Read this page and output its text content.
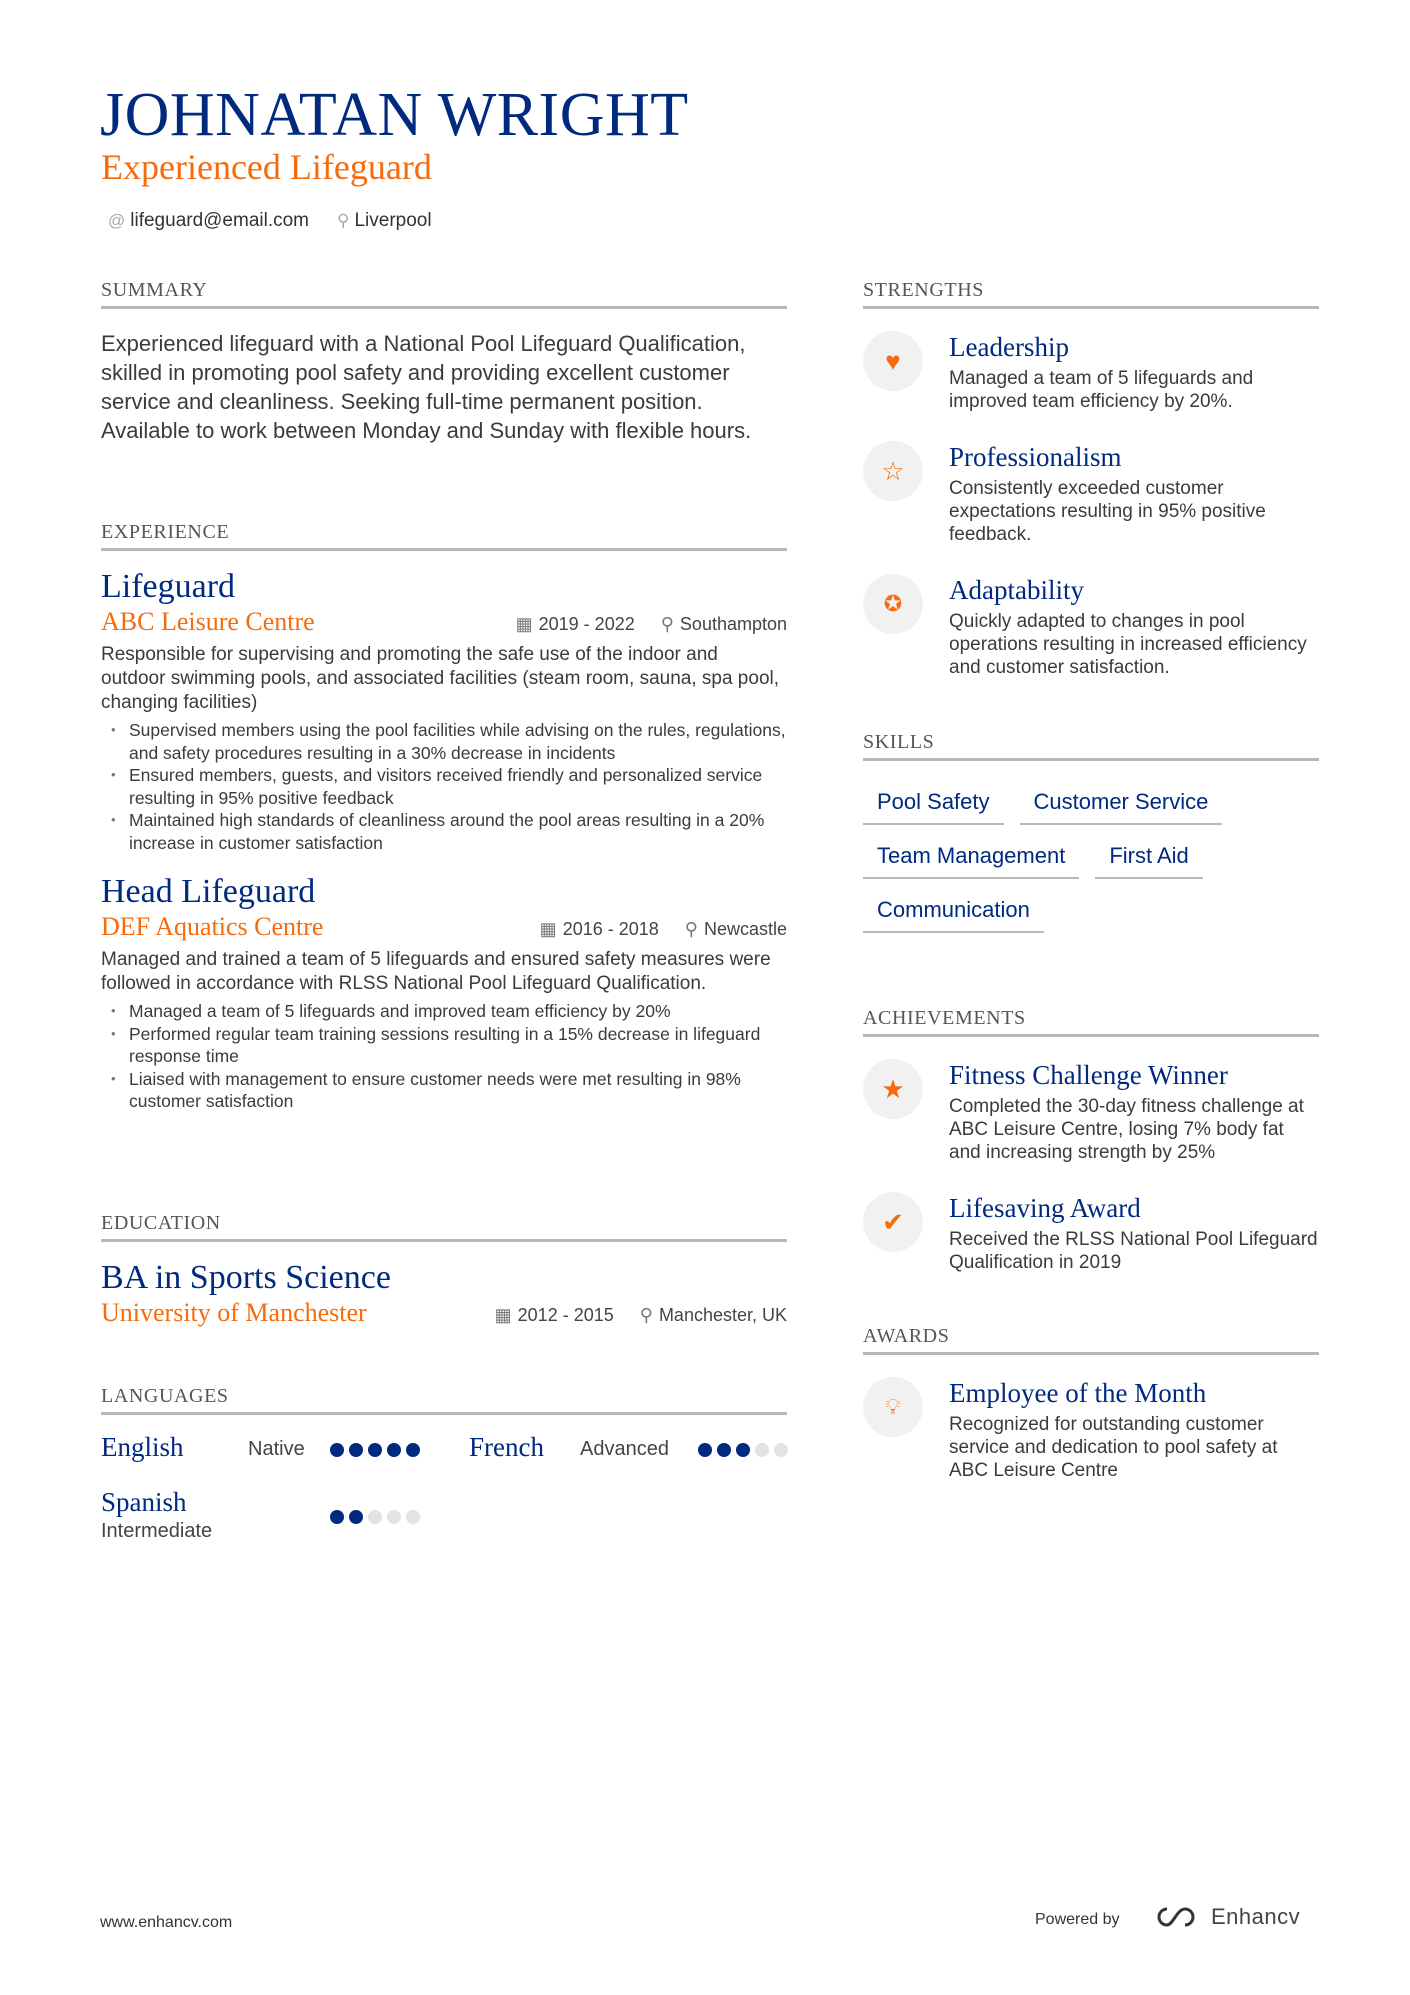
JOHNATAN WRIGHT
Experienced Lifeguard
@ lifeguard@email.com ⚲ Liverpool
SUMMARY
Experienced lifeguard with a National Pool Lifeguard Qualification, skilled in promoting pool safety and providing excellent customer service and cleanliness. Seeking full-time permanent position. Available to work between Monday and Sunday with flexible hours.
EXPERIENCE
Lifeguard
ABC Leisure Centre	▦ 2019 - 2022 ⚲ Southampton
Responsible for supervising and promoting the safe use of the indoor and outdoor swimming pools, and associated facilities (steam room, sauna, spa pool, changing facilities)
• Supervised members using the pool facilities while advising on the rules, regulations, and safety procedures resulting in a 30% decrease in incidents
• Ensured members, guests, and visitors received friendly and personalized service resulting in 95% positive feedback
• Maintained high standards of cleanliness around the pool areas resulting in a 20% increase in customer satisfaction
Head Lifeguard
DEF Aquatics Centre	▦ 2016 - 2018 ⚲ Newcastle
Managed and trained a team of 5 lifeguards and ensured safety measures were followed in accordance with RLSS National Pool Lifeguard Qualification.
• Managed a team of 5 lifeguards and improved team efficiency by 20%
• Performed regular team training sessions resulting in a 15% decrease in lifeguard response time
• Liaised with management to ensure customer needs were met resulting in 98% customer satisfaction
EDUCATION
BA in Sports Science
University of Manchester	▦ 2012 - 2015 ⚲ Manchester, UK
LANGUAGES
English	Native	French Advanced
Spanish
Intermediate
STRENGTHS
♥	Leadership
Managed a team of 5 lifeguards and improved team efficiency by 20%.
☆	Professionalism
Consistently exceeded customer expectations resulting in 95% positive feedback.
✪	Adaptability
Quickly adapted to changes in pool operations resulting in increased efficiency and customer satisfaction.
SKILLS
Pool Safety	Customer Service
Team Management	First Aid
Communication
ACHIEVEMENTS
★	Fitness Challenge Winner
Completed the 30-day fitness challenge at ABC Leisure Centre, losing 7% body fat and increasing strength by 25%
✔	Lifesaving Award
Received the RLSS National Pool Lifeguard Qualification in 2019
AWARDS
💡︎	Employee of the Month
Recognized for outstanding customer service and dedication to pool safety at ABC Leisure Centre
www.enhancv.com	Powered by	Enhancv
